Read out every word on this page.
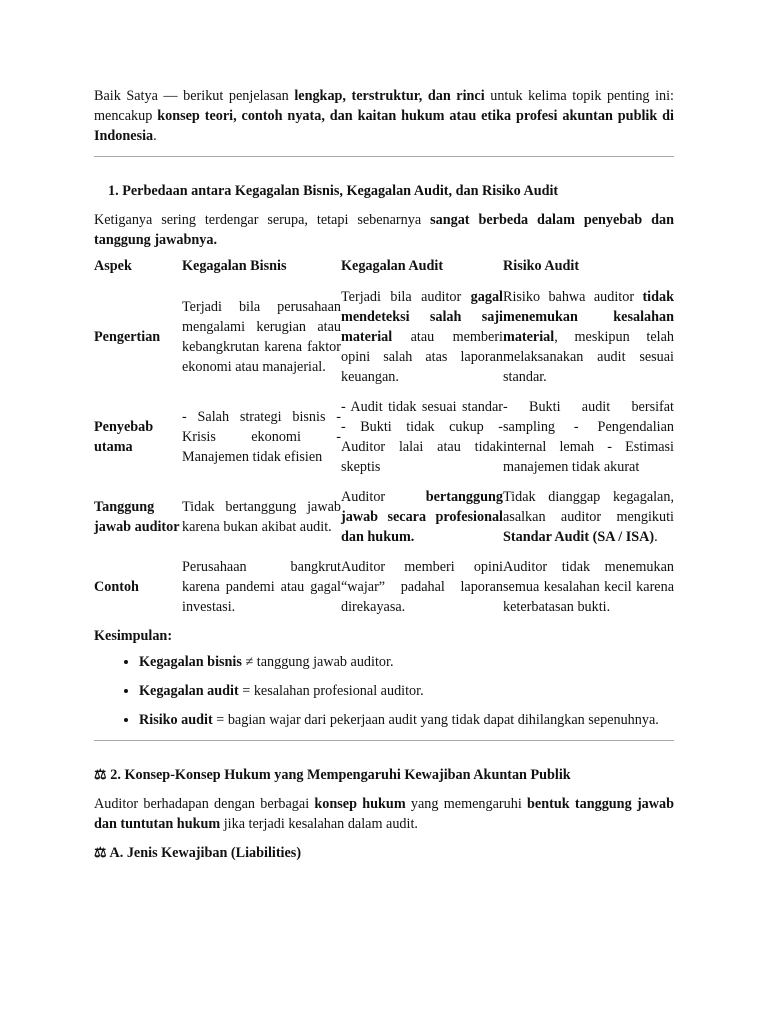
Baik Satya — berikut penjelasan lengkap, terstruktur, dan rinci untuk kelima topik penting ini: mencakup konsep teori, contoh nyata, dan kaitan hukum atau etika profesi akuntan publik di Indonesia.

1. Perbedaan antara Kegagalan Bisnis, Kegagalan Audit, dan Risiko Audit

Ketiganya sering terdengar serupa, tetapi sebenarnya sangat berbeda dalam penyebab dan tanggung jawabnya.

Aspek	Kegagalan Bisnis	Kegagalan Audit	Risiko Audit
Pengertian	Terjadi bila perusahaan mengalami kerugian atau kebangkrutan karena faktor ekonomi atau manajerial.	Terjadi bila auditor gagal mendeteksi salah saji material atau memberi opini salah atas laporan keuangan.	Risiko bahwa auditor tidak menemukan kesalahan material, meskipun telah melaksanakan audit sesuai standar.
Penyebab utama	- Salah strategi bisnis - Krisis ekonomi - Manajemen tidak efisien	- Audit tidak sesuai standar - Bukti tidak cukup - Auditor lalai atau tidak skeptis	- Bukti audit bersifat sampling - Pengendalian internal lemah - Estimasi manajemen tidak akurat
Tanggung jawab auditor	Tidak bertanggung jawab karena bukan akibat audit.	Auditor bertanggung jawab secara profesional dan hukum.	Tidak dianggap kegagalan, asalkan auditor mengikuti Standar Audit (SA / ISA).
Contoh	Perusahaan bangkrut karena pandemi atau gagal investasi.	Auditor memberi opini “wajar” padahal laporan direkayasa.	Auditor tidak menemukan semua kesalahan kecil karena keterbatasan bukti.
Kesimpulan:
• Kegagalan bisnis ≠ tanggung jawab auditor.
• Kegagalan audit = kesalahan profesional auditor.
• Risiko audit = bagian wajar dari pekerjaan audit yang tidak dapat dihilangkan sepenuhnya.
⚖ 2. Konsep-Konsep Hukum yang Mempengaruhi Kewajiban Akuntan Publik

Auditor berhadapan dengan berbagai konsep hukum yang memengaruhi bentuk tanggung jawab dan tuntutan hukum jika terjadi kesalahan dalam audit.

⚖ A. Jenis Kewajiban (Liabilities)
